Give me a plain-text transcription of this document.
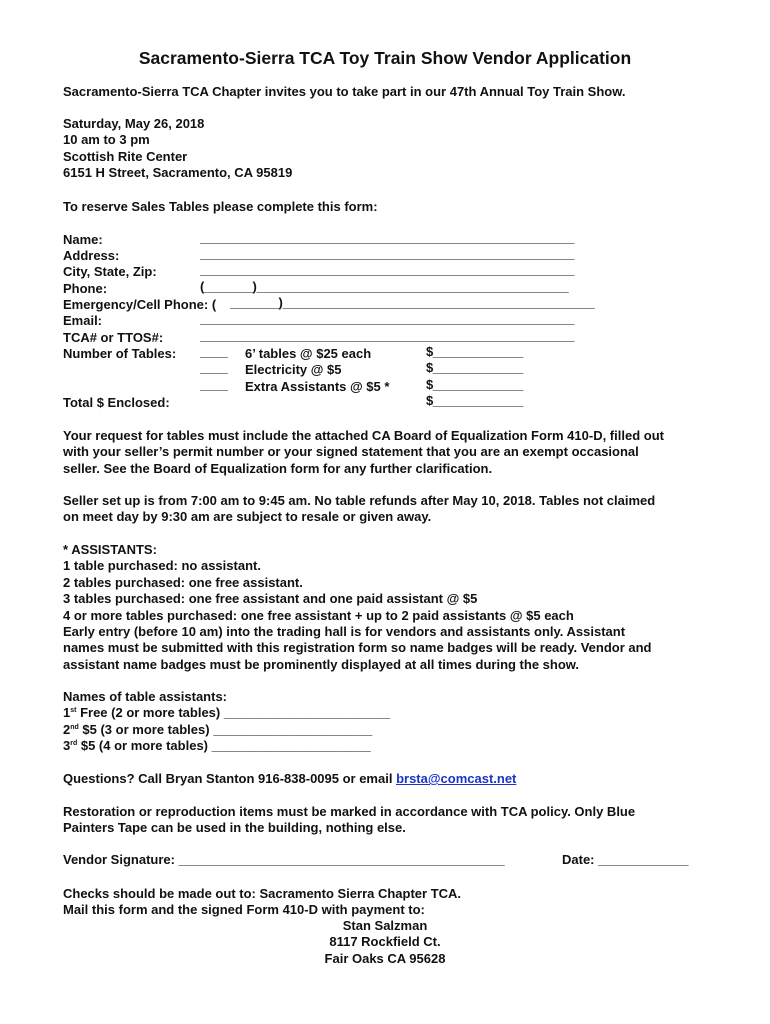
Sacramento-Sierra TCA Toy Train Show Vendor Application
Sacramento-Sierra TCA Chapter invites you to take part in our 47th Annual Toy Train Show.
Saturday, May 26, 2018
10 am to 3 pm
Scottish Rite Center
6151 H Street, Sacramento, CA 95819
To reserve Sales Tables please complete this form:
Name:	______________________________________________________
Address:	______________________________________________________
City, State, Zip:	______________________________________________________
Phone:	(_______)_____________________________________________
Emergency/Cell Phone: ( _______)_____________________________________________
Email:	______________________________________________________
TCA# or TTOS#:	______________________________________________________
Number of Tables: ____	6’ tables @ $25 each	$_____________
____	Electricity @ $5	$_____________
____	Extra Assistants @ $5 *	$_____________
Total $ Enclosed:	$_____________
Your request for tables must include the attached CA Board of Equalization Form 410-D, filled out
with your seller’s permit number or your signed statement that you are an exempt occasional
seller. See the Board of Equalization form for any further clarification.
Seller set up is from 7:00 am to 9:45 am. No table refunds after May 10, 2018. Tables not claimed
on meet day by 9:30 am are subject to resale or given away.
* ASSISTANTS:
1 table purchased: no assistant.
2 tables purchased: one free assistant.
3 tables purchased: one free assistant and one paid assistant @ $5
4 or more tables purchased: one free assistant + up to 2 paid assistants @ $5 each
Early entry (before 10 am) into the trading hall is for vendors and assistants only. Assistant
names must be submitted with this registration form so name badges will be ready. Vendor and
assistant name badges must be prominently displayed at all times during the show.
Names of table assistants:
1st Free (2 or more tables) _______________________
2nd $5 (3 or more tables) ______________________
3rd $5 (4 or more tables) ______________________
Questions? Call Bryan Stanton 916-838-0095 or email brsta@comcast.net
Restoration or reproduction items must be marked in accordance with TCA policy. Only Blue
Painters Tape can be used in the building, nothing else.
Vendor Signature: _______________________________________________	Date: _____________
Checks should be made out to: Sacramento Sierra Chapter TCA.
Mail this form and the signed Form 410-D with payment to:
Stan Salzman
8117 Rockfield Ct.
Fair Oaks CA 95628
